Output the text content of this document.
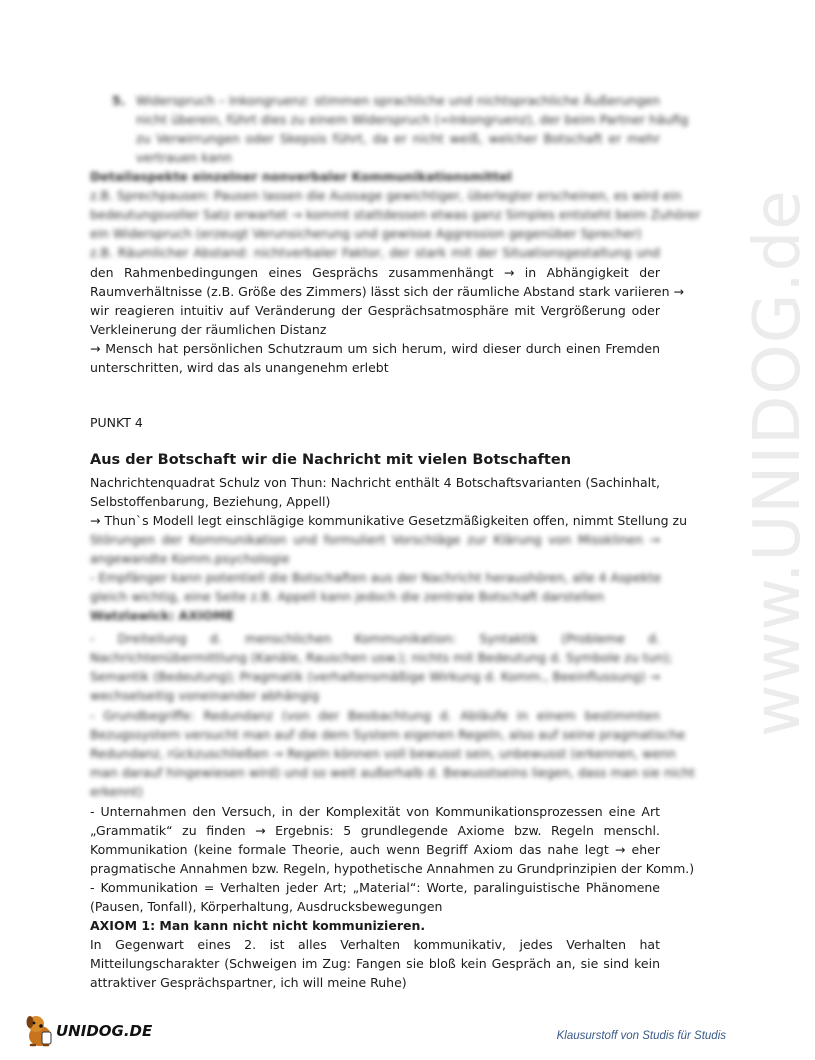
www.UNIDOG.de
5. Widerspruch – Inkongruenz: stimmen sprachliche und nichtsprachliche Äußerungen
nicht überein, führt dies zu einem Widerspruch (=Inkongruenz), der beim Partner häufig
zu Verwirrungen oder Skepsis führt, da er nicht weiß, welcher Botschaft er mehr
vertrauen kann
Detailaspekte einzelner nonverbaler Kommunikationsmittel
z.B. Sprechpausen: Pausen lassen die Aussage gewichtiger, überlegter erscheinen, es wird ein
bedeutungsvoller Satz erwartet → kommt stattdessen etwas ganz Simples entsteht beim Zuhörer
ein Widerspruch (erzeugt Verunsicherung und gewisse Aggression gegenüber Sprecher)
z.B. Räumlicher Abstand: nichtverbaler Faktor, der stark mit der Situationsgestaltung und
den Rahmenbedingungen eines Gesprächs zusammenhängt → in Abhängigkeit der
Raumverhältnisse (z.B. Größe des Zimmers) lässt sich der räumliche Abstand stark variieren →
wir reagieren intuitiv auf Veränderung der Gesprächsatmosphäre mit Vergrößerung oder
Verkleinerung der räumlichen Distanz
→ Mensch hat persönlichen Schutzraum um sich herum, wird dieser durch einen Fremden
unterschritten, wird das als unangenehm erlebt
PUNKT 4
Aus der Botschaft wir die Nachricht mit vielen Botschaften
Nachrichtenquadrat Schulz von Thun: Nachricht enthält 4 Botschaftsvarianten (Sachinhalt,
Selbstoffenbarung, Beziehung, Appell)
→ Thun`s Modell legt einschlägige kommunikative Gesetzmäßigkeiten offen, nimmt Stellung zu
Störungen der Kommunikation und formuliert Vorschläge zur Klärung von Missklinen →
angewandte Komm.psychologie
- Empfänger kann potentiell die Botschaften aus der Nachricht heraushören, alle 4 Aspekte
gleich wichtig, eine Seite z.B. Appell kann jedoch die zentrale Botschaft darstellen
Watzlawick: AXIOME
- Dreiteilung d. menschlichen Kommunikation: Syntaktik (Probleme d.
Nachrichtenübermittlung (Kanäle, Rauschen usw.); nichts mit Bedeutung d. Symbole zu tun);
Semantik (Bedeutung); Pragmatik (verhaltensmäßige Wirkung d. Komm., Beeinflussung) →
wechselseitig voneinander abhängig
- Grundbegriffe: Redundanz (von der Beobachtung d. Abläufe in einem bestimmten
Bezugssystem versucht man auf die dem System eigenen Regeln, also auf seine pragmatische
Redundanz, rückzuschließen → Regeln können voll bewusst sein, unbewusst (erkennen, wenn
man darauf hingewiesen wird) und so weit außerhalb d. Bewusstseins liegen, dass man sie nicht
erkennt)
- Unternahmen den Versuch, in der Komplexität von Kommunikationsprozessen eine Art
„Grammatik“ zu finden → Ergebnis: 5 grundlegende Axiome bzw. Regeln menschl.
Kommunikation (keine formale Theorie, auch wenn Begriff Axiom das nahe legt → eher
pragmatische Annahmen bzw. Regeln, hypothetische Annahmen zu Grundprinzipien der Komm.)
- Kommunikation = Verhalten jeder Art; „Material“: Worte, paralinguistische Phänomene
(Pausen, Tonfall), Körperhaltung, Ausdrucksbewegungen
AXIOM 1: Man kann nicht nicht kommunizieren.
In Gegenwart eines 2. ist alles Verhalten kommunikativ, jedes Verhalten hat
Mitteilungscharakter (Schweigen im Zug: Fangen sie bloß kein Gespräch an, sie sind kein
attraktiver Gesprächspartner, ich will meine Ruhe)
UNIDOG.DE	Klausurstoff von Studis für Studis
